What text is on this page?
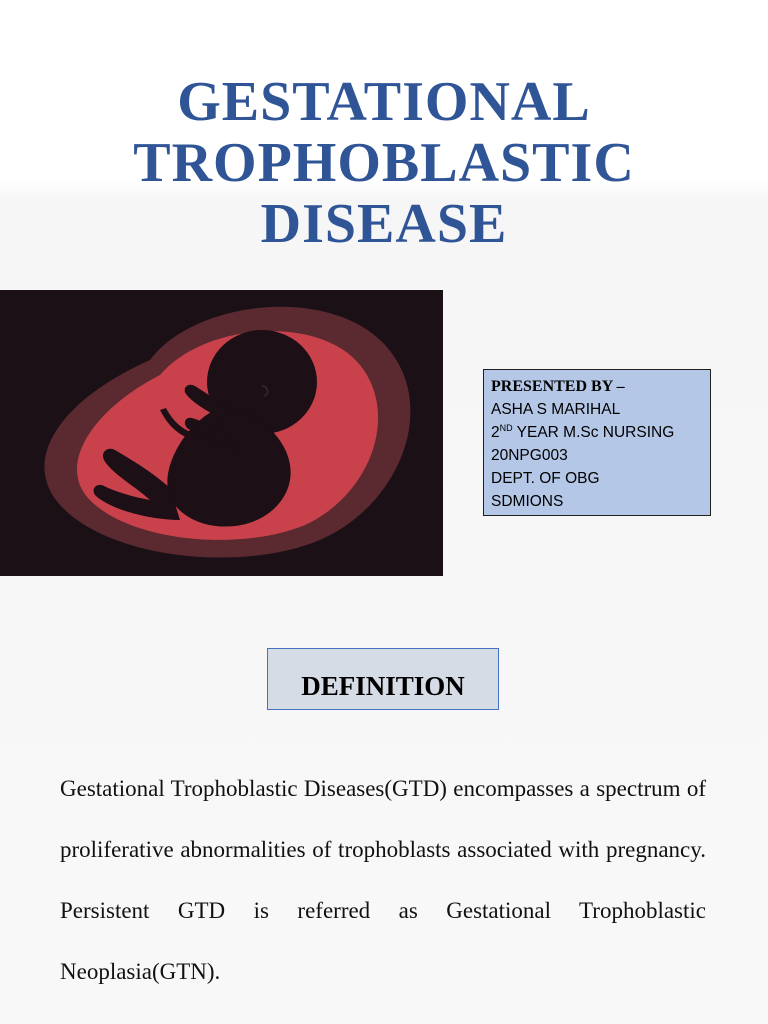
GESTATIONAL
TROPHOBLASTIC
DISEASE
PRESENTED BY –
ASHA S MARIHAL
2ND YEAR M.Sc NURSING
20NPG003
DEPT. OF OBG
SDMIONS
DEFINITION

Gestational Trophoblastic Diseases(GTD) encompasses a spectrum of proliferative abnormalities of trophoblasts associated with pregnancy. Persistent GTD is referred as Gestational Trophoblastic Neoplasia(GTN).
